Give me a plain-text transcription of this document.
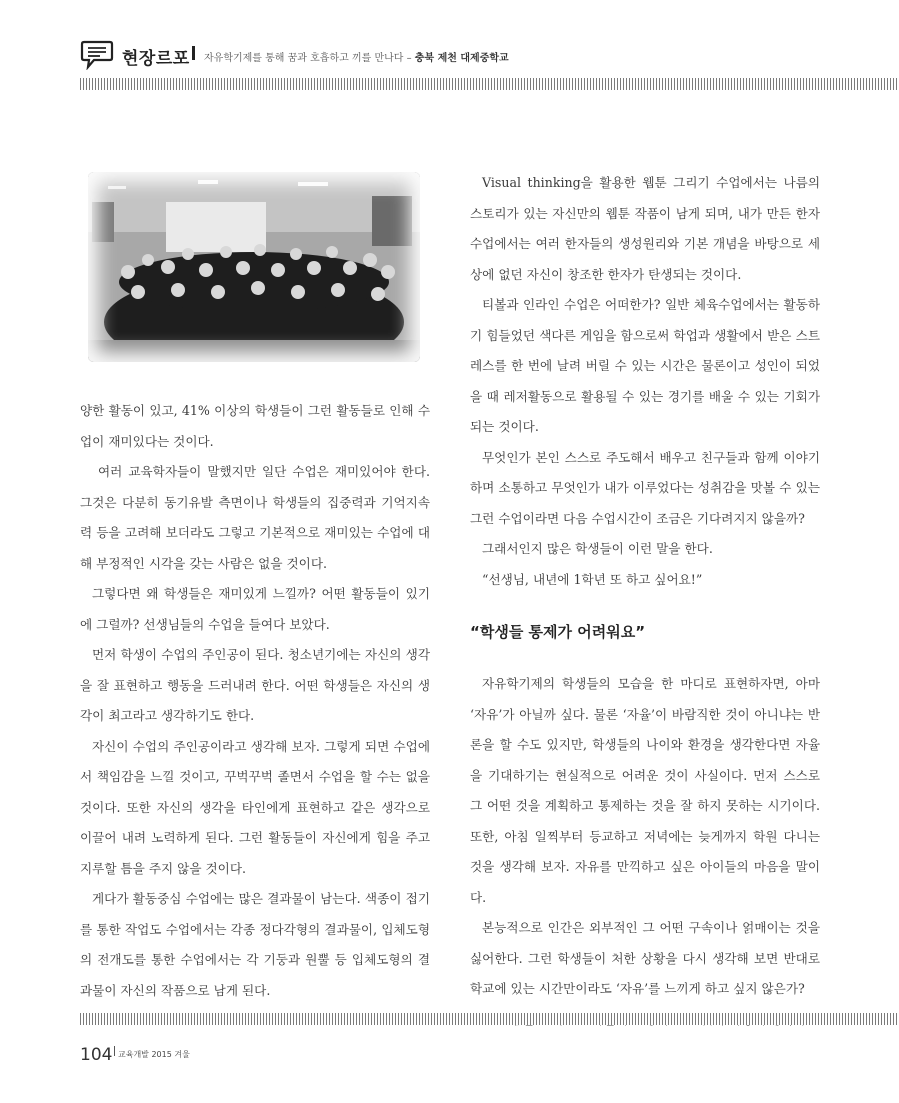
현장르포 자유학기제를 통해 꿈과 호흡하고 끼를 만나다 – 충북 제천 대제중학교

양한 활동이 있고, 41% 이상의 학생들이 그런 활동들로 인해 수업이 재미있다는 것이다.

여러 교육학자들이 말했지만 일단 수업은 재미있어야 한다. 그것은 다분히 동기유발 측면이나 학생들의 집중력과 기억지속력 등을 고려해 보더라도 그렇고 기본적으로 재미있는 수업에 대해 부정적인 시각을 갖는 사람은 없을 것이다.

그렇다면 왜 학생들은 재미있게 느낄까? 어떤 활동들이 있기에 그럴까? 선생님들의 수업을 들여다 보았다.

먼저 학생이 수업의 주인공이 된다. 청소년기에는 자신의 생각을 잘 표현하고 행동을 드러내려 한다. 어떤 학생들은 자신의 생각이 최고라고 생각하기도 한다.

자신이 수업의 주인공이라고 생각해 보자. 그렇게 되면 수업에서 책임감을 느낄 것이고, 꾸벅꾸벅 졸면서 수업을 할 수는 없을 것이다. 또한 자신의 생각을 타인에게 표현하고 같은 생각으로 이끌어 내려 노력하게 된다. 그런 활동들이 자신에게 힘을 주고 지루할 틈을 주지 않을 것이다.

게다가 활동중심 수업에는 많은 결과물이 남는다. 색종이 접기를 통한 작업도 수업에서는 각종 정다각형의 결과물이, 입체도형의 전개도를 통한 수업에서는 각 기둥과 원뿔 등 입체도형의 결과물이 자신의 작품으로 남게 된다.

Visual thinking을 활용한 웹툰 그리기 수업에서는 나름의 스토리가 있는 자신만의 웹툰 작품이 남게 되며, 내가 만든 한자 수업에서는 여러 한자들의 생성원리와 기본 개념을 바탕으로 세상에 없던 자신이 창조한 한자가 탄생되는 것이다.

티볼과 인라인 수업은 어떠한가? 일반 체육수업에서는 활동하기 힘들었던 색다른 게임을 함으로써 학업과 생활에서 받은 스트레스를 한 번에 날려 버릴 수 있는 시간은 물론이고 성인이 되었을 때 레저활동으로 활용될 수 있는 경기를 배울 수 있는 기회가 되는 것이다.

무엇인가 본인 스스로 주도해서 배우고 친구들과 함께 이야기하며 소통하고 무엇인가 내가 이루었다는 성취감을 맛볼 수 있는 그런 수업이라면 다음 수업시간이 조금은 기다려지지 않을까?

그래서인지 많은 학생들이 이런 말을 한다.

“선생님, 내년에 1학년 또 하고 싶어요!”

“학생들 통제가 어려워요”

자유학기제의 학생들의 모습을 한 마디로 표현하자면, 아마 ‘자유’가 아닐까 싶다. 물론 ‘자율’이 바람직한 것이 아니냐는 반론을 할 수도 있지만, 학생들의 나이와 환경을 생각한다면 자율을 기대하기는 현실적으로 어려운 것이 사실이다. 먼저 스스로 그 어떤 것을 계획하고 통제하는 것을 잘 하지 못하는 시기이다. 또한, 아침 일찍부터 등교하고 저녁에는 늦게까지 학원 다니는 것을 생각해 보자. 자유를 만끽하고 싶은 아이들의 마음을 말이다.

본능적으로 인간은 외부적인 그 어떤 구속이나 얽매이는 것을 싫어한다. 그런 학생들이 처한 상황을 다시 생각해 보면 반대로 학교에 있는 시간만이라도 ‘자유’를 느끼게 하고 싶지 않은가?

104 교육개발 2015 겨울
